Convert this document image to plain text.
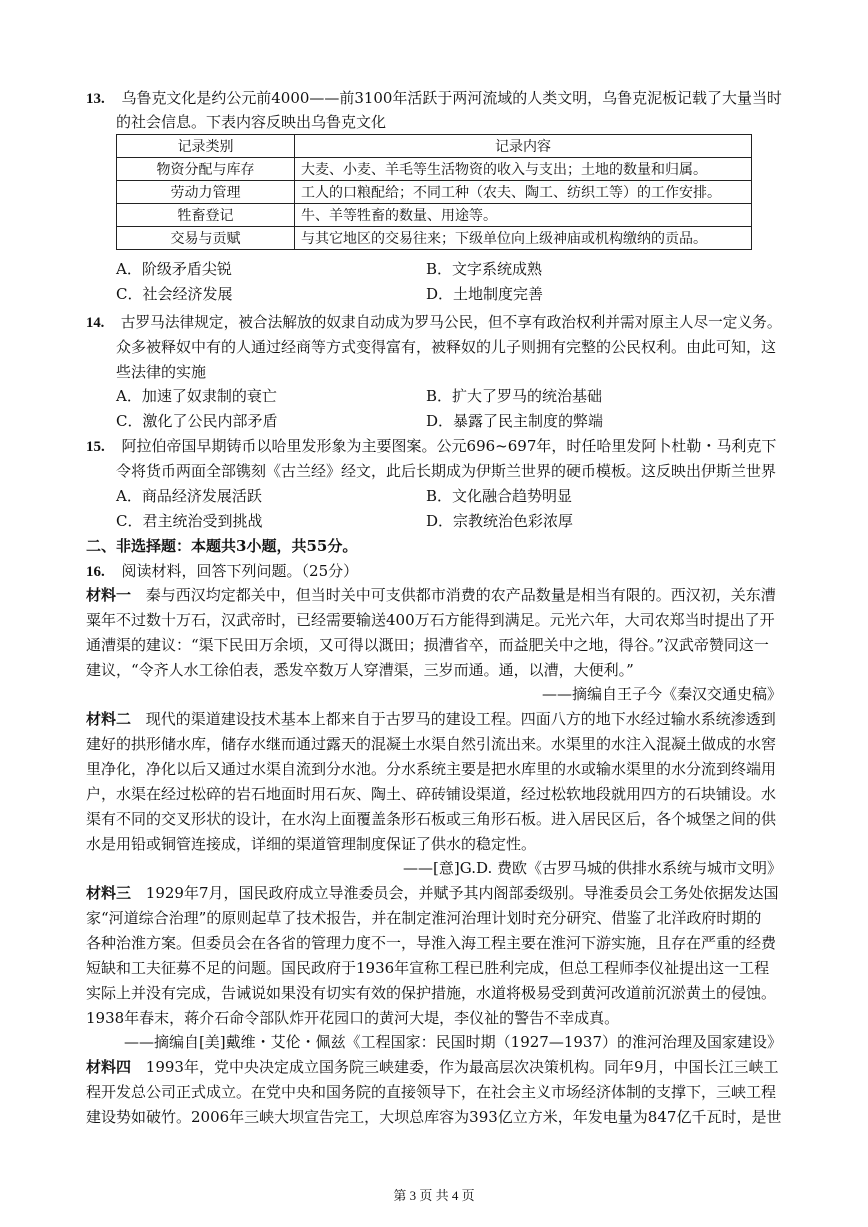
13. 乌鲁克文化是约公元前4000——前3100年活跃于两河流域的人类文明，乌鲁克泥板记载了大量当时
的社会信息。下表内容反映出乌鲁克文化
记录类别	记录内容
物资分配与库存	大麦、小麦、羊毛等生活物资的收入与支出；土地的数量和归属。
劳动力管理	工人的口粮配给；不同工种（农夫、陶工、纺织工等）的工作安排。
牲畜登记	牛、羊等牲畜的数量、用途等。
交易与贡赋	与其它地区的交易往来；下级单位向上级神庙或机构缴纳的贡品。
A．阶级矛盾尖锐	B．文字系统成熟
C．社会经济发展	D．土地制度完善
14. 古罗马法律规定，被合法解放的奴隶自动成为罗马公民，但不享有政治权利并需对原主人尽一定义务。
众多被释奴中有的人通过经商等方式变得富有，被释奴的儿子则拥有完整的公民权利。由此可知，这
些法律的实施
A．加速了奴隶制的衰亡	B．扩大了罗马的统治基础
C．激化了公民内部矛盾	D．暴露了民主制度的弊端
15. 阿拉伯帝国早期铸币以哈里发形象为主要图案。公元696~697年，时任哈里发阿卜杜勒・马利克下
令将货币两面全部镌刻《古兰经》经文，此后长期成为伊斯兰世界的硬币模板。这反映出伊斯兰世界
A．商品经济发展活跃	B．文化融合趋势明显
C．君主统治受到挑战	D．宗教统治色彩浓厚
二、非选择题：本题共3小题，共55分。
16. 阅读材料，回答下列问题。（25分）
材料一 秦与西汉均定都关中，但当时关中可支供都市消费的农产品数量是相当有限的。西汉初，关东漕
粟年不过数十万石，汉武帝时，已经需要输送400万石方能得到满足。元光六年，大司农郑当时提出了开
通漕渠的建议：“渠下民田万余顷，又可得以溉田；损漕省卒，而益肥关中之地，得谷。”汉武帝赞同这一
建议，“令齐人水工徐伯表，悉发卒数万人穿漕渠，三岁而通。通，以漕，大便利。”
——摘编自王子今《秦汉交通史稿》
材料二 现代的渠道建设技术基本上都来自于古罗马的建设工程。四面八方的地下水经过输水系统渗透到
建好的拱形储水库，储存水继而通过露天的混凝土水渠自然引流出来。水渠里的水注入混凝土做成的水窖
里净化，净化以后又通过水渠自流到分水池。分水系统主要是把水库里的水或输水渠里的水分流到终端用
户，水渠在经过松碎的岩石地面时用石灰、陶土、碎砖铺设渠道，经过松软地段就用四方的石块铺设。水
渠有不同的交叉形状的设计，在水沟上面覆盖条形石板或三角形石板。进入居民区后，各个城堡之间的供
水是用铅或铜管连接成，详细的渠道管理制度保证了供水的稳定性。
——[意]G.D. 费欧《古罗马城的供排水系统与城市文明》
材料三 1929年7月，国民政府成立导淮委员会，并赋予其内阁部委级别。导淮委员会工务处依据发达国
家“河道综合治理”的原则起草了技术报告，并在制定淮河治理计划时充分研究、借鉴了北洋政府时期的
各种治淮方案。但委员会在各省的管理力度不一，导淮入海工程主要在淮河下游实施，且存在严重的经费
短缺和工夫征募不足的问题。国民政府于1936年宣称工程已胜利完成，但总工程师李仪祉提出这一工程
实际上并没有完成，告诫说如果没有切实有效的保护措施，水道将极易受到黄河改道前沉淤黄土的侵蚀。
1938年春末，蒋介石命令部队炸开花园口的黄河大堤，李仪祉的警告不幸成真。
——摘编自[美]戴维・艾伦・佩兹《工程国家：民国时期（1927—1937）的淮河治理及国家建设》
材料四 1993年，党中央决定成立国务院三峡建委，作为最高层次决策机构。同年9月，中国长江三峡工
程开发总公司正式成立。在党中央和国务院的直接领导下，在社会主义市场经济体制的支撑下，三峡工程
建设势如破竹。2006年三峡大坝宣告完工，大坝总库容为393亿立方米，年发电量为847亿千瓦时，是世
第 3 页 共 4 页
